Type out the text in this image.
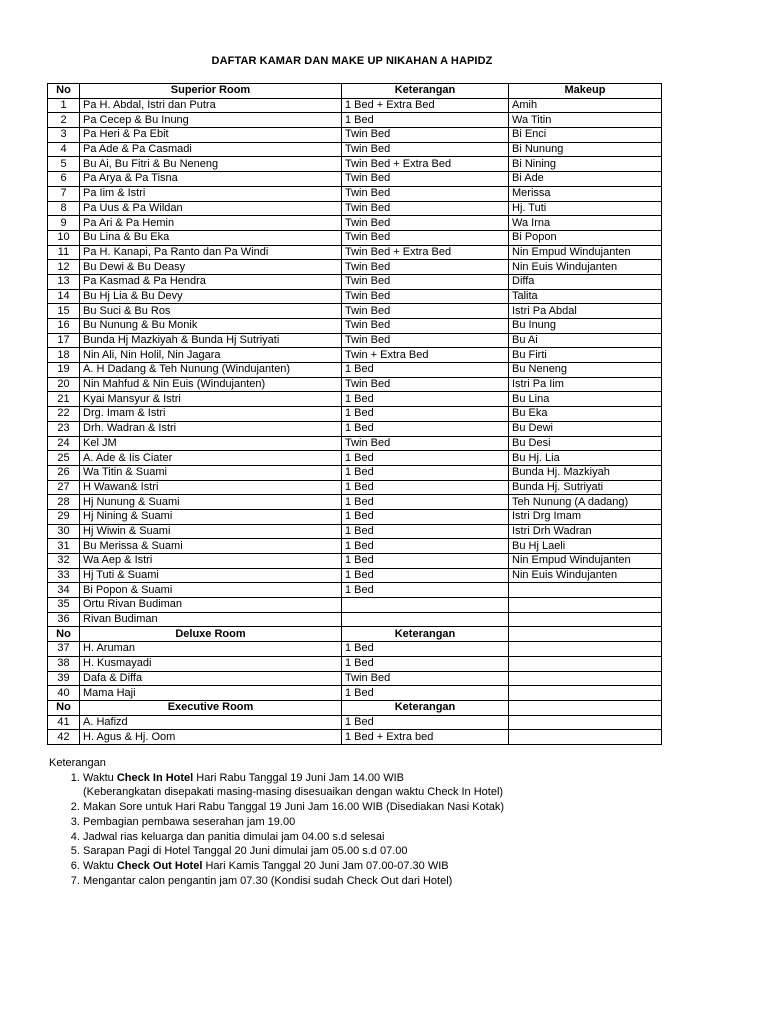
DAFTAR KAMAR DAN MAKE UP NIKAHAN A HAPIDZ
No	Superior Room	Keterangan	Makeup
1	Pa H. Abdal, Istri dan Putra	1 Bed + Extra Bed	Amih
2	Pa Cecep & Bu Inung	1 Bed	Wa Titin
3	Pa Heri & Pa Ebit	Twin Bed	Bi Enci
4	Pa Ade & Pa Casmadi	Twin Bed	Bi Nunung
5	Bu Ai, Bu Fitri & Bu Neneng	Twin Bed + Extra Bed	Bi Nining
6	Pa Arya & Pa Tisna	Twin Bed	Bi Ade
7	Pa Iim & Istri	Twin Bed	Merissa
8	Pa Uus & Pa Wildan	Twin Bed	Hj. Tuti
9	Pa Ari & Pa Hemin	Twin Bed	Wa Irna
10	Bu Lina & Bu Eka	Twin Bed	Bi Popon
11	Pa H. Kanapi, Pa Ranto dan Pa Windi	Twin Bed + Extra Bed	Nin Empud Windujanten
12	Bu Dewi & Bu Deasy	Twin Bed	Nin Euis Windujanten
13	Pa Kasmad & Pa Hendra	Twin Bed	Diffa
14	Bu Hj Lia & Bu Devy	Twin Bed	Talita
15	Bu Suci & Bu Ros	Twin Bed	Istri Pa Abdal
16	Bu Nunung & Bu Monik	Twin Bed	Bu Inung
17	Bunda Hj Mazkiyah & Bunda Hj Sutriyati	Twin Bed	Bu Ai
18	Nin Ali, Nin Holil, Nin Jagara	Twin + Extra Bed	Bu Firti
19	A. H Dadang & Teh Nunung (Windujanten)	1 Bed	Bu Neneng
20	Nin Mahfud & Nin Euis (Windujanten)	Twin Bed	Istri Pa Iim
21	Kyai Mansyur & Istri	1 Bed	Bu Lina
22	Drg. Imam & Istri	1 Bed	Bu Eka
23	Drh. Wadran & Istri	1 Bed	Bu Dewi
24	Kel JM	Twin Bed	Bu Desi
25	A. Ade & Iis Ciater	1 Bed	Bu Hj. Lia
26	Wa Titin & Suami	1 Bed	Bunda Hj. Mazkiyah
27	H Wawan& Istri	1 Bed	Bunda Hj. Sutriyati
28	Hj Nunung & Suami	1 Bed	Teh Nunung (A dadang)
29	Hj Nining & Suami	1 Bed	Istri Drg Imam
30	Hj Wiwin & Suami	1 Bed	Istri Drh Wadran
31	Bu Merissa & Suami	1 Bed	Bu Hj Laeli
32	Wa Aep & Istri	1 Bed	Nin Empud Windujanten
33	Hj Tuti & Suami	1 Bed	Nin Euis Windujanten
34	Bi Popon & Suami	1 Bed	
35	Ortu Rivan Budiman		
36	Rivan Budiman		
No	Deluxe Room	Keterangan	
37	H. Aruman	1 Bed	
38	H. Kusmayadi	1 Bed	
39	Dafa & Diffa	Twin Bed	
40	Mama Haji	1 Bed	
No	Executive Room	Keterangan	
41	A. Hafizd	1 Bed	
42	H. Agus & Hj. Oom	1 Bed + Extra bed	
Keterangan
1. Waktu Check In Hotel Hari Rabu Tanggal 19 Juni Jam 14.00 WIB
(Keberangkatan disepakati masing-masing disesuaikan dengan waktu Check In Hotel)
2. Makan Sore untuk Hari Rabu Tanggal 19 Juni Jam 16.00 WIB (Disediakan Nasi Kotak)
3. Pembagian pembawa seserahan jam 19.00
4. Jadwal rias keluarga dan panitia dimulai jam 04.00 s.d selesai
5. Sarapan Pagi di Hotel Tanggal 20 Juni dimulai jam 05.00 s.d 07.00
6. Waktu Check Out Hotel Hari Kamis Tanggal 20 Juni Jam 07.00-07.30 WIB
7. Mengantar calon pengantin jam 07.30 (Kondisi sudah Check Out dari Hotel)
